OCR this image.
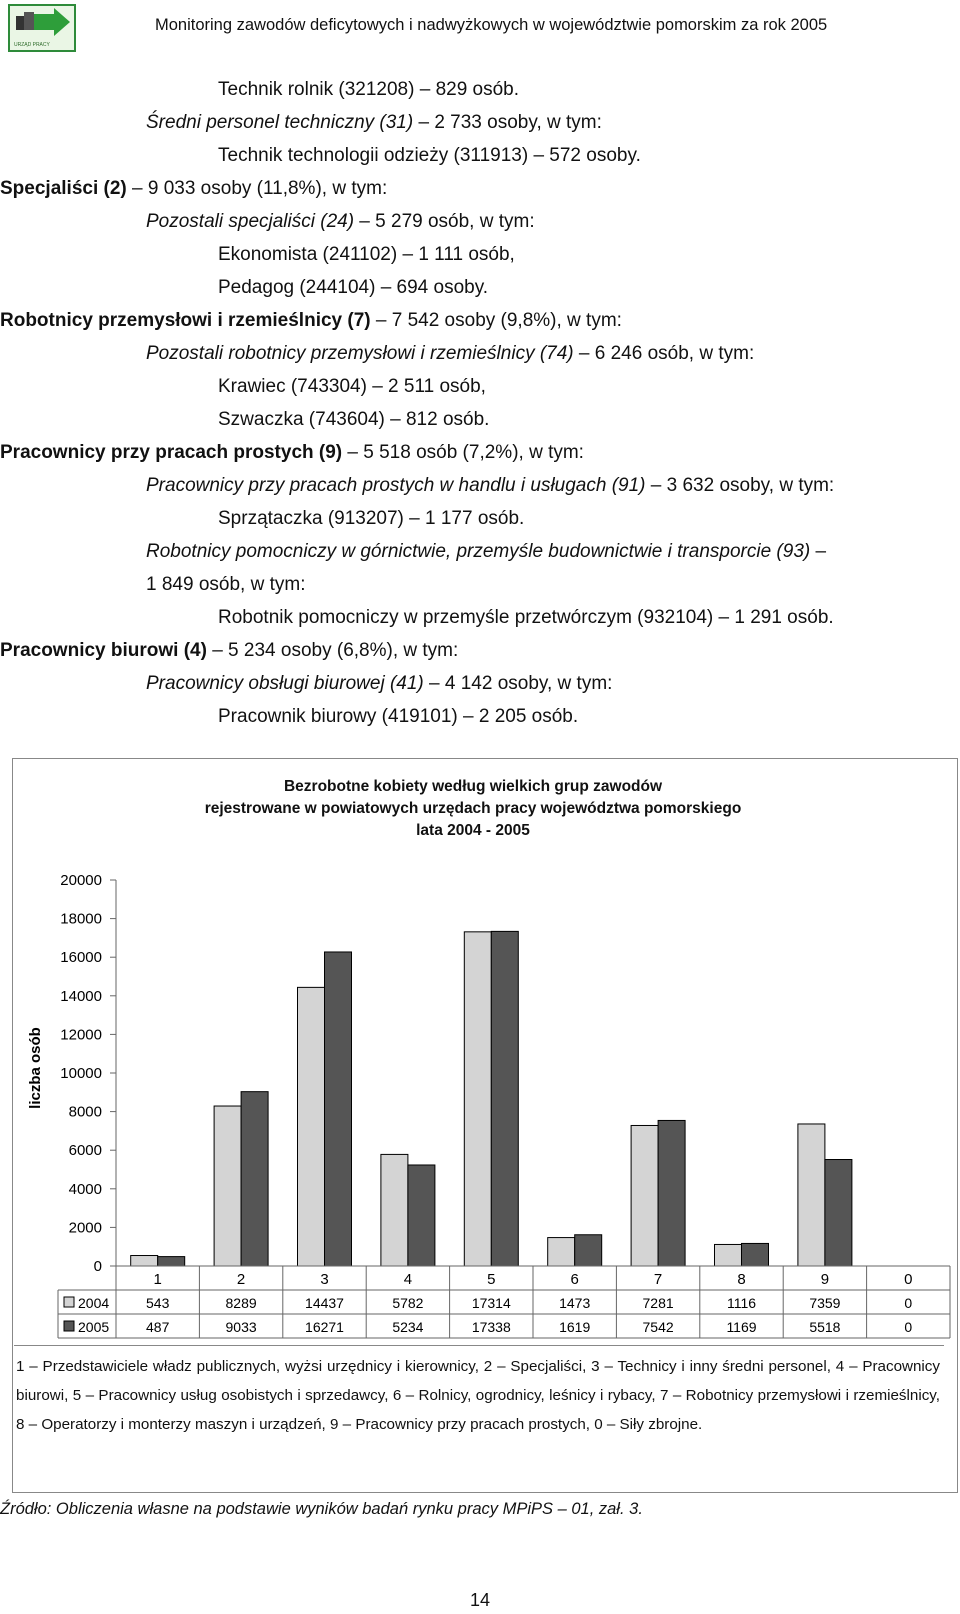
URZĄD PRACY
Monitoring zawodów deficytowych i nadwyżkowych w województwie pomorskim za rok 2005
Technik rolnik (321208) – 829 osób.
Średni personel techniczny (31) – 2 733 osoby, w tym:
Technik technologii odzieży (311913) – 572 osoby.
Specjaliści (2) – 9 033 osoby (11,8%), w tym:
Pozostali specjaliści (24) – 5 279 osób, w tym:
Ekonomista (241102) – 1 111 osób,
Pedagog (244104) – 694 osoby.
Robotnicy przemysłowi i rzemieślnicy (7) – 7 542 osoby (9,8%), w tym:
Pozostali robotnicy przemysłowi i rzemieślnicy (74) – 6 246 osób, w tym:
Krawiec (743304) – 2 511 osób,
Szwaczka (743604) – 812 osób.
Pracownicy przy pracach prostych (9) – 5 518 osób (7,2%), w tym:
Pracownicy przy pracach prostych w handlu i usługach (91) – 3 632 osoby, w tym:
Sprzątaczka (913207) – 1 177 osób.
Robotnicy pomocniczy w górnictwie, przemyśle budownictwie i transporcie (93) –
1 849 osób, w tym:
Robotnik pomocniczy w przemyśle przetwórczym (932104) – 1 291 osób.
Pracownicy biurowi (4) – 5 234 osoby (6,8%), w tym:
Pracownicy obsługi biurowej (41) – 4 142 osoby, w tym:
Pracownik biurowy (419101) – 2 205 osób.
Bezrobotne kobiety według wielkich grup zawodów
rejestrowane w powiatowych urzędach pracy województwa pomorskiego
lata 2004 - 2005
liczba osób
0
2000
4000
6000
8000
10000
12000
14000
16000
18000
20000
1	2	3	4	5	6	7	8	9	0
2004	543	8289	14437	5782	17314	1473	7281	1116	7359	0
2005	487	9033	16271	5234	17338	1619	7542	1169	5518	0
1 – Przedstawiciele władz publicznych, wyżsi urzędnicy i kierownicy, 2 – Specjaliści, 3 – Technicy i inny średni personel, 4 – Pracownicy biurowi, 5 – Pracownicy usług osobistych i sprzedawcy, 6 – Rolnicy, ogrodnicy, leśnicy i rybacy, 7 – Robotnicy przemysłowi i rzemieślnicy, 8 – Operatorzy i monterzy maszyn i urządzeń, 9 – Pracownicy przy pracach prostych, 0 – Siły zbrojne.
Źródło: Obliczenia własne na podstawie wyników badań rynku pracy MPiPS – 01, zał. 3.
14
